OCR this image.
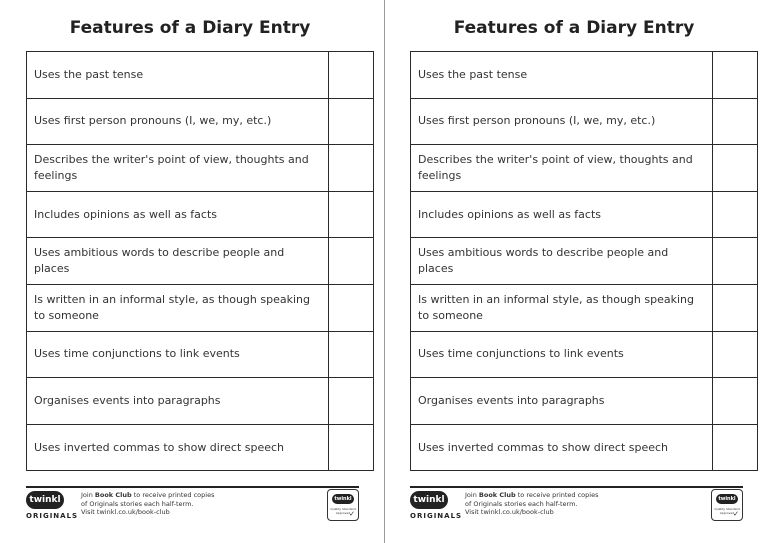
Features of a Diary Entry
Uses the past tense	
Uses first person pronouns (I, we, my, etc.)	
Describes the writer's point of view, thoughts and feelings	
Includes opinions as well as facts	
Uses ambitious words to describe people and places	
Is written in an informal style, as though speaking to someone	
Uses time conjunctions to link events	
Organises events into paragraphs	
Uses inverted commas to show direct speech	
twinkl
ORIGINALS
Join Book Club to receive printed copies
of Originals stories each half-term.
Visit twinkl.co.uk/book-club
twinkl
Quality Standard Approved
✓
Features of a Diary Entry
Uses the past tense	
Uses first person pronouns (I, we, my, etc.)	
Describes the writer's point of view, thoughts and feelings	
Includes opinions as well as facts	
Uses ambitious words to describe people and places	
Is written in an informal style, as though speaking to someone	
Uses time conjunctions to link events	
Organises events into paragraphs	
Uses inverted commas to show direct speech	
twinkl
ORIGINALS
Join Book Club to receive printed copies
of Originals stories each half-term.
Visit twinkl.co.uk/book-club
twinkl
Quality Standard Approved
✓
